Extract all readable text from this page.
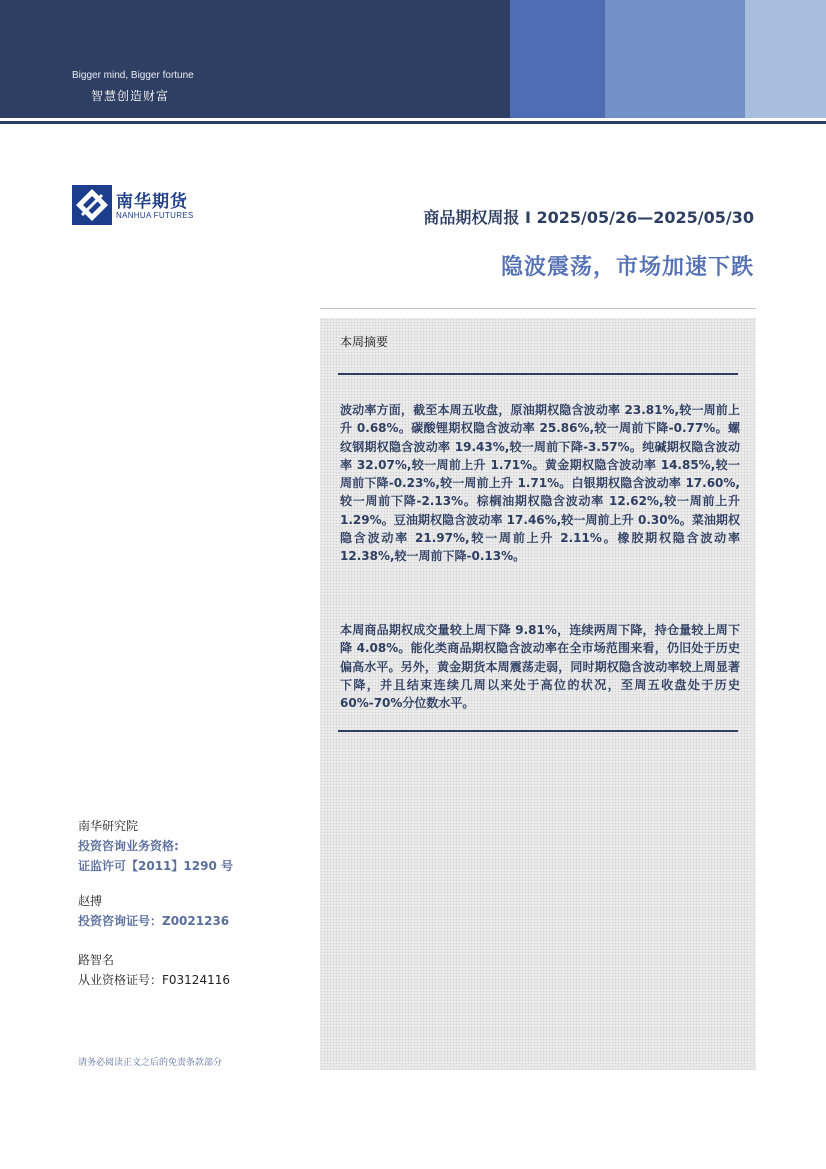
Bigger mind, Bigger fortune
智慧创造财富
南华期货
NANHUA FUTURES	商品期权周报 I 2025/05/26—2025/05/30
隐波震荡，市场加速下跌
本周摘要
波动率方面，截至本周五收盘，原油期权隐含波动率 23.81%,较一周前上升 0.68%。碳酸锂期权隐含波动率 25.86%,较一周前下降-0.77%。螺纹钢期权隐含波动率 19.43%,较一周前下降-3.57%。纯碱期权隐含波动率 32.07%,较一周前上升 1.71%。黄金期权隐含波动率 14.85%,较一周前下降-0.23%,较一周前上升 1.71%。白银期权隐含波动率 17.60%,较一周前下降-2.13%。棕榈油期权隐含波动率 12.62%,较一周前上升 1.29%。豆油期权隐含波动率 17.46%,较一周前上升 0.30%。菜油期权隐含波动率 21.97%,较一周前上升 2.11%。橡胶期权隐含波动率 12.38%,较一周前下降-0.13%。
本周商品期权成交量较上周下降 9.81%，连续两周下降，持仓量较上周下降 4.08%。能化类商品期权隐含波动率在全市场范围来看，仍旧处于历史偏高水平。另外，黄金期货本周震荡走弱，同时期权隐含波动率较上周显著下降，并且结束连续几周以来处于高位的状况，至周五收盘处于历史 60%-70%分位数水平。
南华研究院
投资咨询业务资格:
证监许可【2011】1290 号
赵搏
投资咨询证号：Z0021236
路智名
从业资格证号：F03124116
请务必阅读正文之后的免责条款部分
